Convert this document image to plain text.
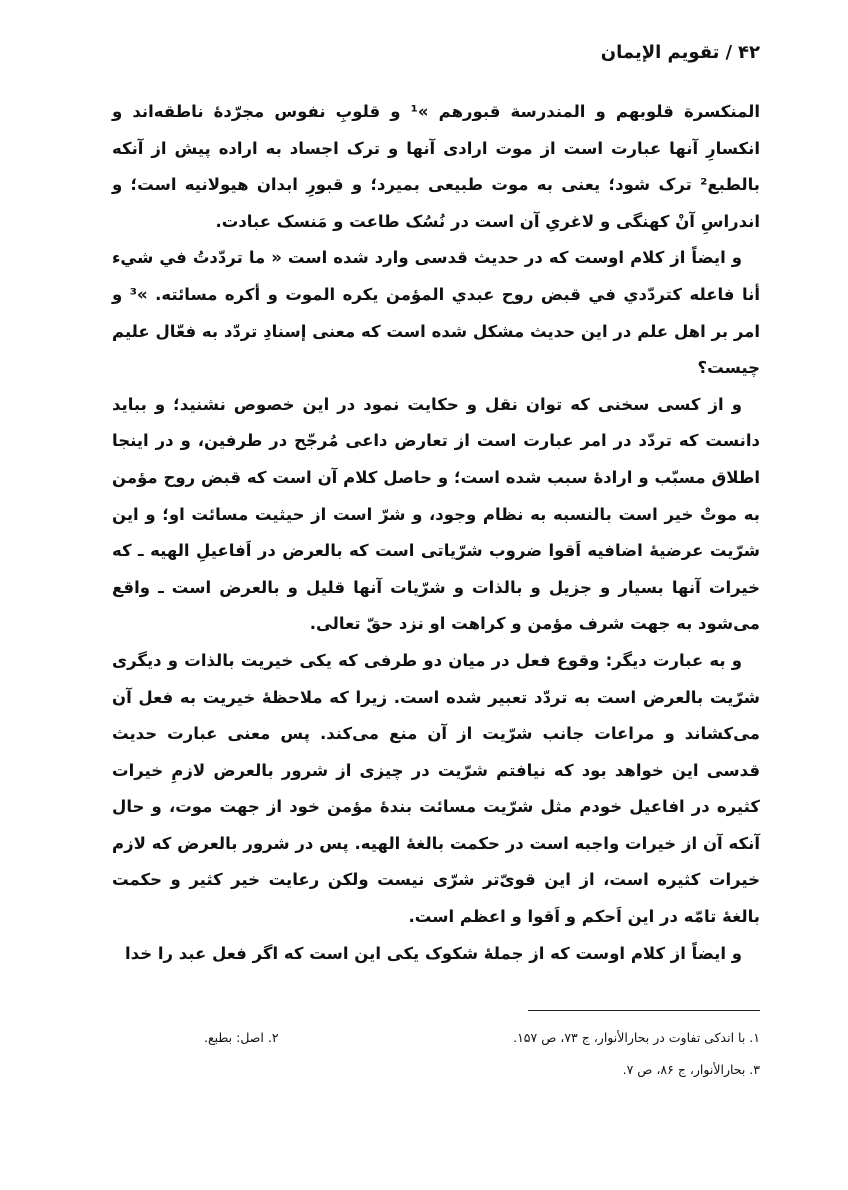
۴۲/تقویم الإیمان

المنکسرة قلوبهم و المندرسة قبورهم »¹ و قلوبِ نفوس مجرّدهٔ ناطقه‌اند و انکسارِ آنها عبارت است از موت ارادی آنها و ترک اجساد به اراده پیش از آنکه بالطبع² ترک شود؛ یعنی به موت طبیعی بمیرد؛ و قبورِ ابدان هیولانیه است؛ و اندراسِ آنْ کهنگی و لاغریِ آن است در نُسُک طاعت و مَنسک عبادت.

و ایضاً از کلام اوست که در حدیث قدسی وارد شده است « ما تردّدتُ في شيء أنا فاعله کتردّدي في قبض روح عبدي المؤمن یکره الموت و أکره مسائته. »³ و امر بر اهل علم در این حدیث مشکل شده است که معنی إسنادِ تردّد به فعّال علیم چیست؟

و از کسی سخنی که توان نقل و حکایت نمود در این خصوص نشنید؛ و بباید دانست که تردّد در امر عبارت است از تعارض داعی مُرجّح در طرفین، و در اینجا اطلاق مسبّب و ارادهٔ سبب شده است؛ و حاصل کلام آن است که قبض روح مؤمن به موتْ خیر است بالنسبه به نظام وجود، و شرّ است از حیثیت مسائت او؛ و این شرّیت عرضیهٔ اضافیه اَقوا ضروب شرّیاتی است که بالعرض در اَفاعیلِ الهیه ـ که خیرات آنها بسیار و جزیل و بالذات و شرّیات آنها قلیل و بالعرض است ـ واقع می‌شود به جهت شرف مؤمن و کراهت او نزد حقّ تعالی.

و به عبارت دیگر: وقوع فعل در میان دو طرفی که یکی خیریت بالذات و دیگری شرّیت بالعرض است به تردّد تعبیر شده است. زیرا که ملاحظهٔ خیریت به فعل آن می‌کشاند و مراعات جانب شرّیت از آن منع می‌کند. پس معنی عبارت حدیث قدسی این خواهد بود که نیافتم شرّیت در چیزی از شرور بالعرض لازمِ خیرات کثیره در افاعیل خودم مثل شرّیت مسائت بندهٔ مؤمن خود از جهت موت، و حال آنکه آن از خیرات واجبه است در حکمت بالغهٔ الهیه. پس در شرور بالعرض که لازم خیرات کثیره است، از این قویّ‌تر شرّی نیست ولکن رعایت خیر کثیر و حکمت بالغهٔ تامّه در این اَحکم و اَقوا و اعظم است.

و ایضاً از کلام اوست که از جملهٔ شکوک یکی این است که اگر فعل عبد را خدا

۱. با اندکی تفاوت در بحارالأنوار، ج ۷۳، ص ۱۵۷.
۲. اصل: بطبع.
۳. بحارالأنوار، ج ۸۶، ص ۷.
